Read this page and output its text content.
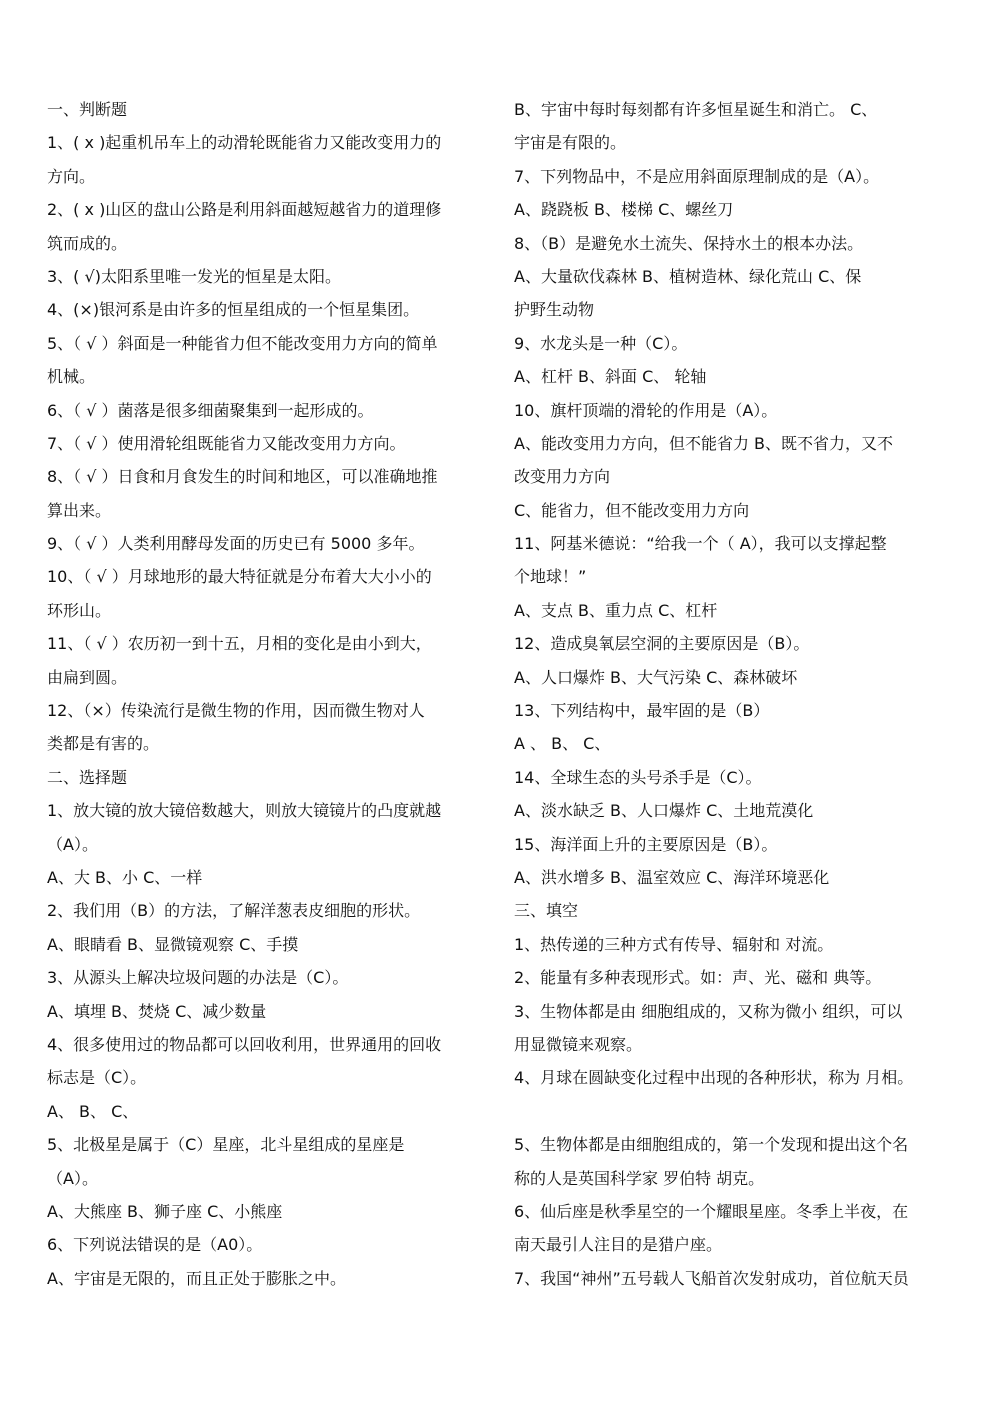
一、判断题
1、( x )起重机吊车上的动滑轮既能省力又能改变用力的
方向。
2、( x )山区的盘山公路是利用斜面越短越省力的道理修
筑而成的。
3、( √)太阳系里唯一发光的恒星是太阳。
4、(×)银河系是由许多的恒星组成的一个恒星集团。
5、（ √ ）斜面是一种能省力但不能改变用力方向的简单
机械。
6、（ √ ）菌落是很多细菌聚集到一起形成的。
7、（ √ ）使用滑轮组既能省力又能改变用力方向。
8、（ √ ）日食和月食发生的时间和地区，可以准确地推
算出来。
9、（ √ ）人类利用酵母发面的历史已有 5000 多年。
10、（ √ ）月球地形的最大特征就是分布着大大小小的
环形山。
11、（ √ ）农历初一到十五，月相的变化是由小到大，
由扁到圆。
12、（×）传染流行是微生物的作用，因而微生物对人
类都是有害的。
二、选择题
1、放大镜的放大镜倍数越大，则放大镜镜片的凸度就越
（A）。
A、大 B、小 C、一样
2、我们用（B）的方法，了解洋葱表皮细胞的形状。
A、眼睛看 B、显微镜观察 C、手摸
3、从源头上解决垃圾问题的办法是（C）。
A、填埋 B、焚烧 C、减少数量
4、很多使用过的物品都可以回收利用，世界通用的回收
标志是（C）。
A、 B、 C、
5、北极星是属于（C）星座，北斗星组成的星座是
（A）。
A、大熊座 B、狮子座 C、小熊座
6、下列说法错误的是（A0）。
A、宇宙是无限的，而且正处于膨胀之中。
B、宇宙中每时每刻都有许多恒星诞生和消亡。 C、
宇宙是有限的。
7、下列物品中，不是应用斜面原理制成的是（A）。
A、跷跷板 B、楼梯 C、螺丝刀
8、（B）是避免水土流失、保持水土的根本办法。
A、大量砍伐森林 B、植树造林、绿化荒山 C、保
护野生动物
9、水龙头是一种（C）。
A、杠杆 B、斜面 C、 轮轴
10、旗杆顶端的滑轮的作用是（A）。
A、能改变用力方向，但不能省力 B、既不省力，又不
改变用力方向
C、能省力，但不能改变用力方向
11、阿基米德说：“给我一个（ A），我可以支撑起整
个地球！”
A、支点 B、重力点 C、杠杆
12、造成臭氧层空洞的主要原因是（B）。
A、人口爆炸 B、大气污染 C、森林破坏
13、下列结构中，最牢固的是（B）
A 、 B、 C、
14、全球生态的头号杀手是（C）。
A、淡水缺乏 B、人口爆炸 C、土地荒漠化
15、海洋面上升的主要原因是（B）。
A、洪水增多 B、温室效应 C、海洋环境恶化
三、填空
1、热传递的三种方式有传导、辐射和 对流。
2、能量有多种表现形式。如：声、光、磁和 典等。
3、生物体都是由 细胞组成的，又称为微小 组织，可以
用显微镜来观察。
4、月球在圆缺变化过程中出现的各种形状，称为 月相。
5、生物体都是由细胞组成的，第一个发现和提出这个名
称的人是英国科学家 罗伯特 胡克。
6、仙后座是秋季星空的一个耀眼星座。冬季上半夜，在
南天最引人注目的是猎户座。
7、我国“神州”五号载人飞船首次发射成功，首位航天员
